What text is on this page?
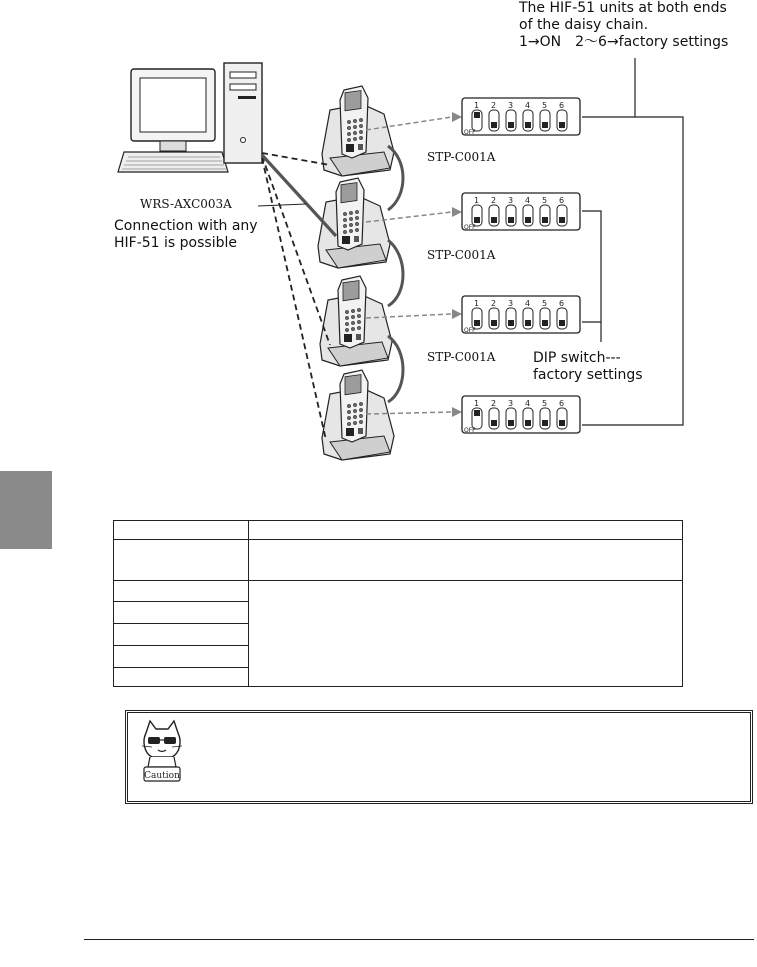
1	2	3	4	5	6
OFF
OFF
OFF
OFF
The HIF-51 units at both ends
of the daisy chain.
1→ON　2～6→factory settings
WRS-AXC003A
Connection with any
HIF-51 is possible
STP-C001A
STP-C001A
STP-C001A	DIP switch---
factory settings

Caution
